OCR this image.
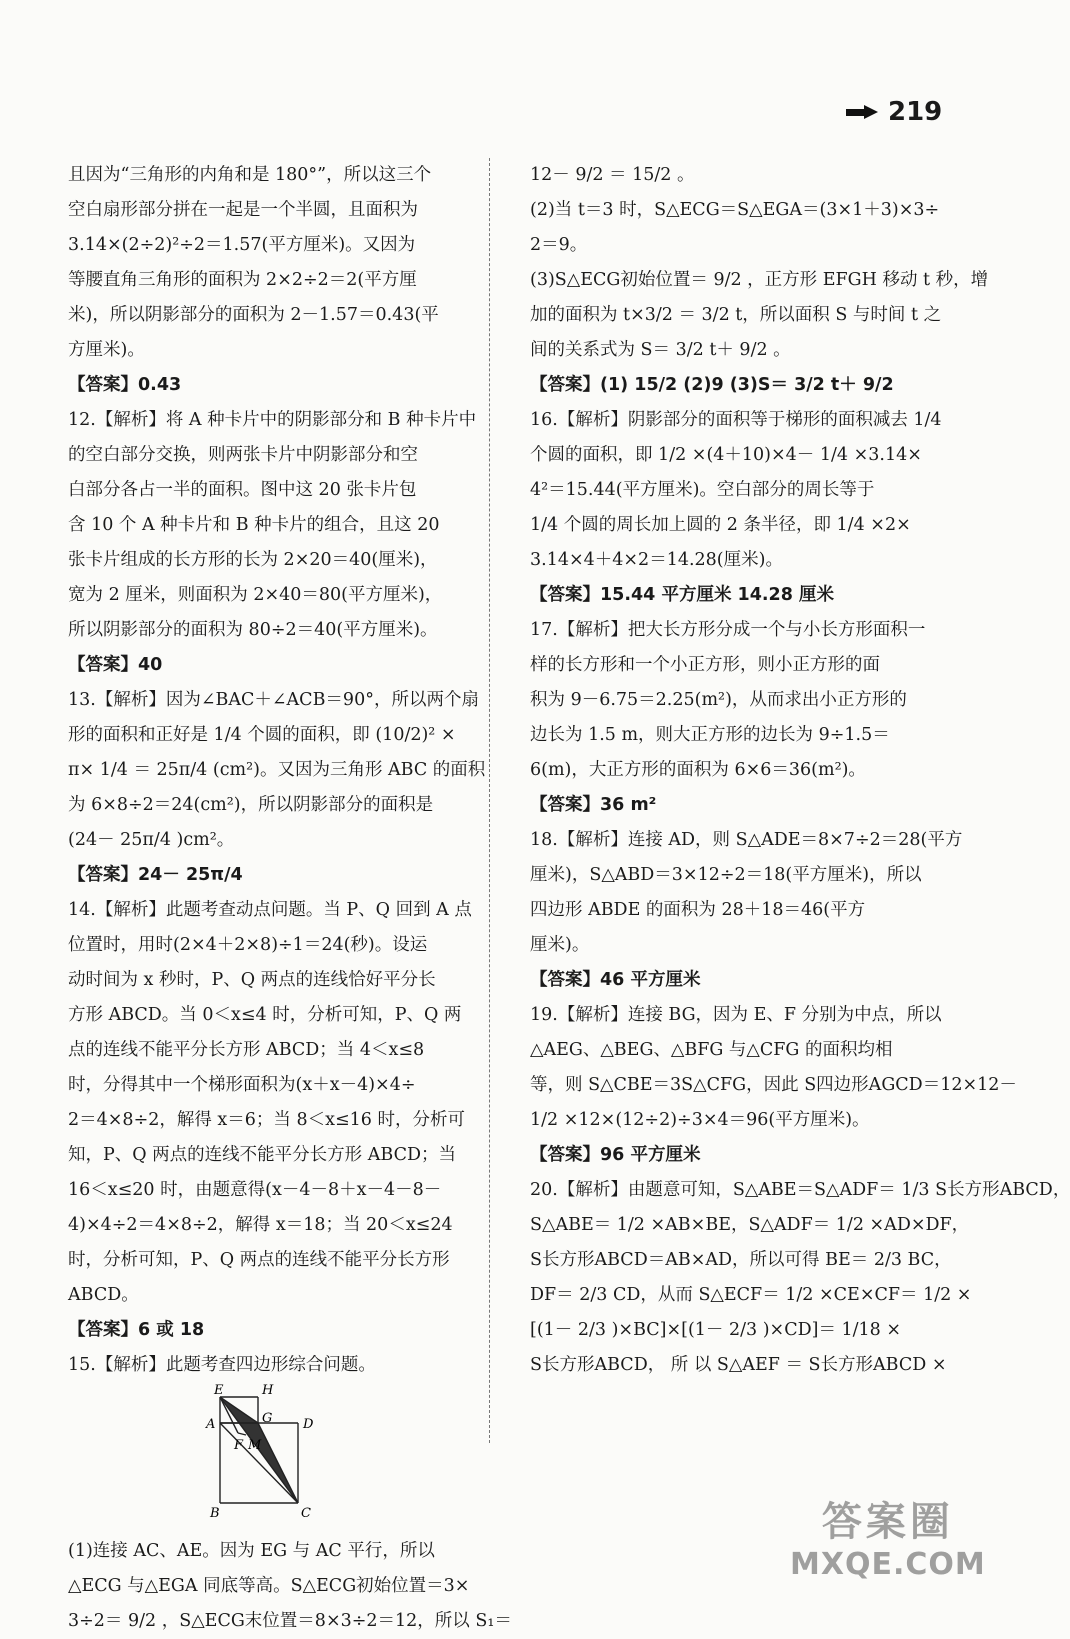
219
且因为“三角形的内角和是 180°”，所以这三个
空白扇形部分拼在一起是一个半圆，且面积为
3.14×(2÷2)²÷2＝1.57(平方厘米)。又因为
等腰直角三角形的面积为 2×2÷2＝2(平方厘
米)，所以阴影部分的面积为 2－1.57＝0.43(平
方厘米)。
【答案】0.43
12.【解析】将 A 种卡片中的阴影部分和 B 种卡片中
的空白部分交换，则两张卡片中阴影部分和空
白部分各占一半的面积。图中这 20 张卡片包
含 10 个 A 种卡片和 B 种卡片的组合，且这 20
张卡片组成的长方形的长为 2×20＝40(厘米)，
宽为 2 厘米，则面积为 2×40＝80(平方厘米)，
所以阴影部分的面积为 80÷2＝40(平方厘米)。
【答案】40
13.【解析】因为∠BAC＋∠ACB＝90°，所以两个扇
形的面积和正好是 1/4 个圆的面积，即 (10/2)² ×
π× 1/4 ＝ 25π/4 (cm²)。又因为三角形 ABC 的面积
为 6×8÷2＝24(cm²)，所以阴影部分的面积是
(24－ 25π/4 )cm²。
【答案】24－ 25π/4
14.【解析】此题考查动点问题。当 P、Q 回到 A 点
位置时，用时(2×4＋2×8)÷1＝24(秒)。设运
动时间为 x 秒时，P、Q 两点的连线恰好平分长
方形 ABCD。当 0＜x≤4 时，分析可知，P、Q 两
点的连线不能平分长方形 ABCD；当 4＜x≤8
时，分得其中一个梯形面积为(x＋x－4)×4÷
2＝4×8÷2，解得 x＝6；当 8＜x≤16 时，分析可
知，P、Q 两点的连线不能平分长方形 ABCD；当
16＜x≤20 时，由题意得(x－4－8＋x－4－8－
4)×4÷2＝4×8÷2，解得 x＝18；当 20＜x≤24
时，分析可知，P、Q 两点的连线不能平分长方形
ABCD。
【答案】6 或 18
15.【解析】此题考查四边形综合问题。
E	H
A	G D
F M
B	C
(1)连接 AC、AE。因为 EG 与 AC 平行，所以
△ECG 与△EGA 同底等高。S△ECG初始位置＝3×
3÷2＝ 9/2 ，S△ECG末位置＝8×3÷2＝12，所以 S₁＝
12－ 9/2 ＝ 15/2 。
(2)当 t＝3 时，S△ECG＝S△EGA＝(3×1＋3)×3÷
2＝9。
(3)S△ECG初始位置＝ 9/2 ，正方形 EFGH 移动 t 秒，增
加的面积为 t×3/2 ＝ 3/2 t，所以面积 S 与时间 t 之
间的关系式为 S＝ 3/2 t＋ 9/2 。
【答案】(1) 15/2 (2)9 (3)S＝ 3/2 t＋ 9/2
16.【解析】阴影部分的面积等于梯形的面积减去 1/4
个圆的面积，即 1/2 ×(4＋10)×4－ 1/4 ×3.14×
4²＝15.44(平方厘米)。空白部分的周长等于
1/4 个圆的周长加上圆的 2 条半径，即 1/4 ×2×
3.14×4＋4×2＝14.28(厘米)。
【答案】15.44 平方厘米 14.28 厘米
17.【解析】把大长方形分成一个与小长方形面积一
样的长方形和一个小正方形，则小正方形的面
积为 9－6.75＝2.25(m²)，从而求出小正方形的
边长为 1.5 m，则大正方形的边长为 9÷1.5＝
6(m)，大正方形的面积为 6×6＝36(m²)。
【答案】36 m²
18.【解析】连接 AD，则 S△ADE＝8×7÷2＝28(平方
厘米)，S△ABD＝3×12÷2＝18(平方厘米)，所以
四边形 ABDE 的面积为 28＋18＝46(平方
厘米)。
【答案】46 平方厘米
19.【解析】连接 BG，因为 E、F 分别为中点，所以
△AEG、△BEG、△BFG 与△CFG 的面积均相
等，则 S△CBE＝3S△CFG，因此 S四边形AGCD＝12×12－
1/2 ×12×(12÷2)÷3×4＝96(平方厘米)。
【答案】96 平方厘米
20.【解析】由题意可知，S△ABE＝S△ADF＝ 1/3 S长方形ABCD，
S△ABE＝ 1/2 ×AB×BE，S△ADF＝ 1/2 ×AD×DF，
S长方形ABCD＝AB×AD，所以可得 BE＝ 2/3 BC，
DF＝ 2/3 CD，从而 S△ECF＝ 1/2 ×CE×CF＝ 1/2 ×
[(1－ 2/3 )×BC]×[(1－ 2/3 )×CD]＝ 1/18 ×
S长方形ABCD， 所 以 S△AEF ＝ S长方形ABCD ×
答案圈
MXQE.COM
